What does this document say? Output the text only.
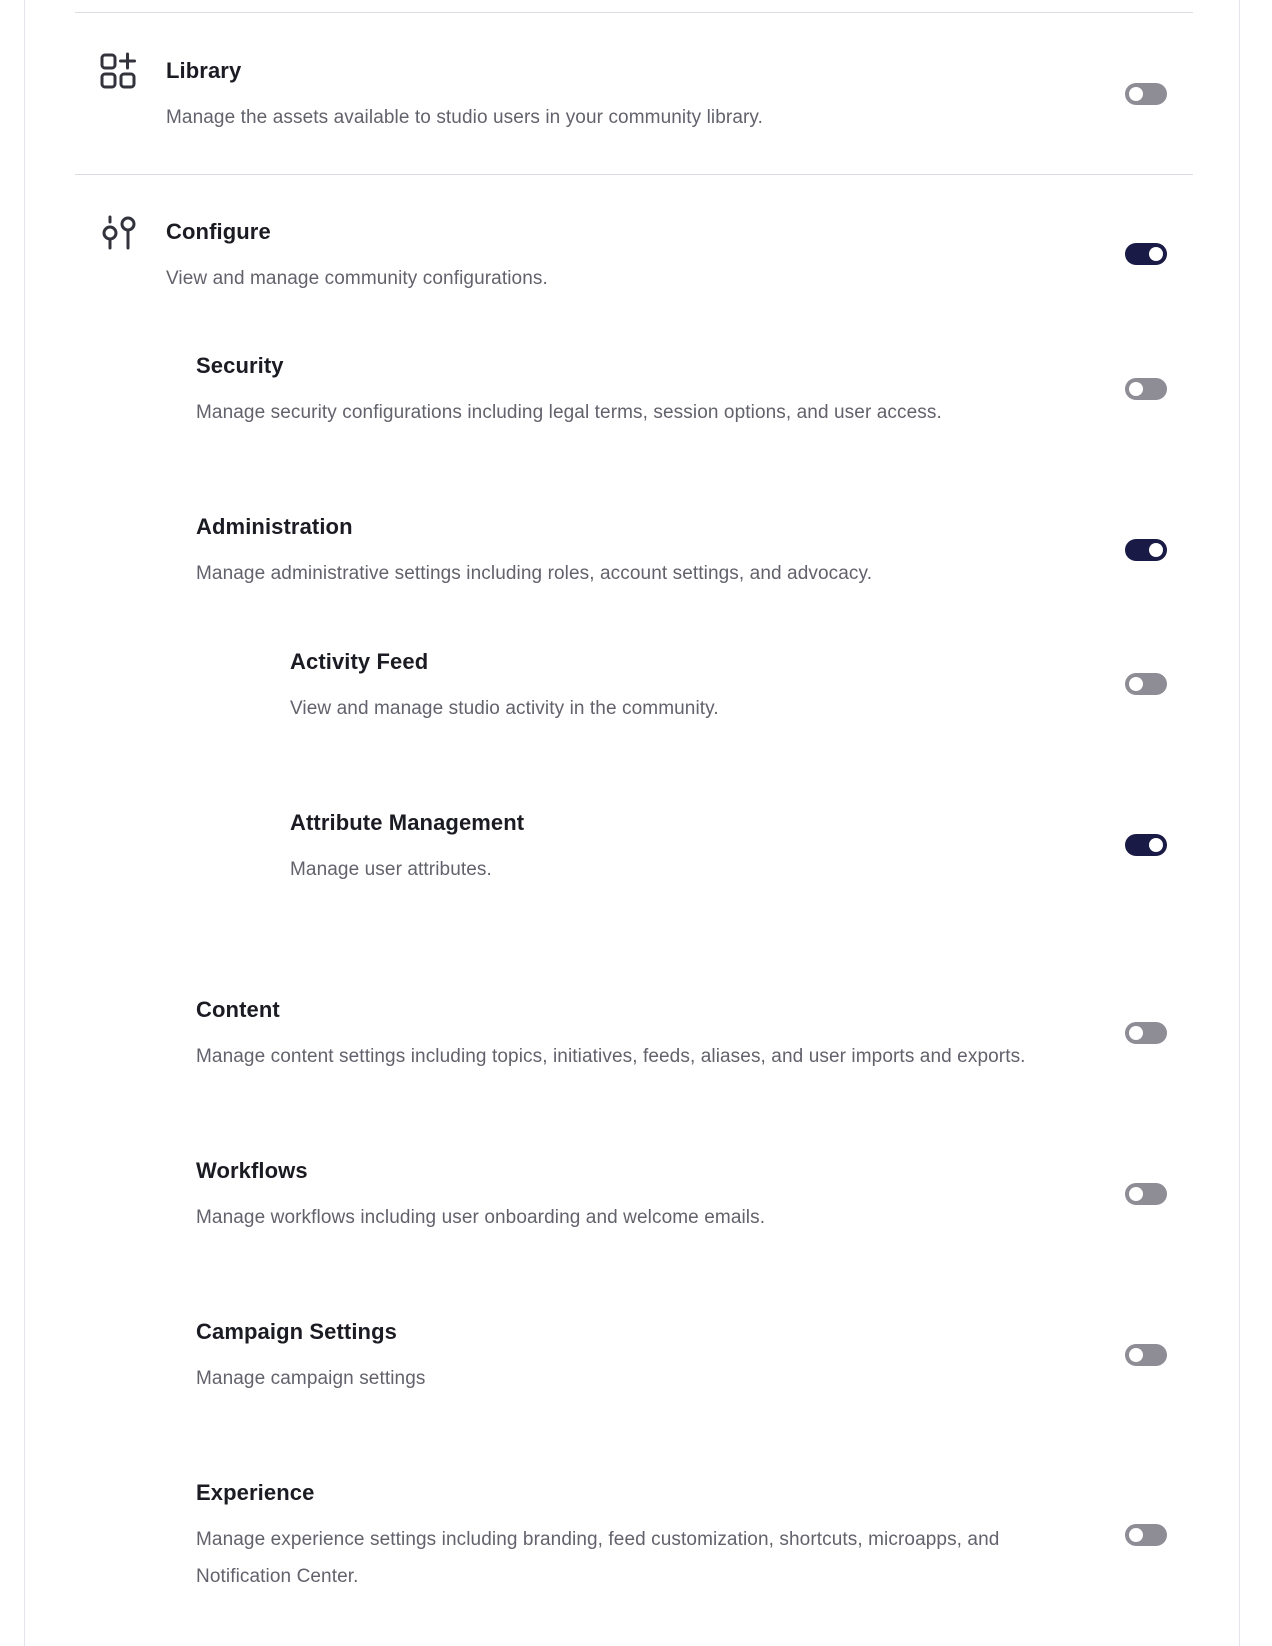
Library
Manage the assets available to studio users in your community library.
Configure
View and manage community configurations.
Security
Manage security configurations including legal terms, session options, and user access.
Administration
Manage administrative settings including roles, account settings, and advocacy.
Activity Feed
View and manage studio activity in the community.
Attribute Management
Manage user attributes.
Content
Manage content settings including topics, initiatives, feeds, aliases, and user imports and exports.
Workflows
Manage workflows including user onboarding and welcome emails.
Campaign Settings
Manage campaign settings
Experience
Manage experience settings including branding, feed customization, shortcuts, microapps, and Notification Center.
